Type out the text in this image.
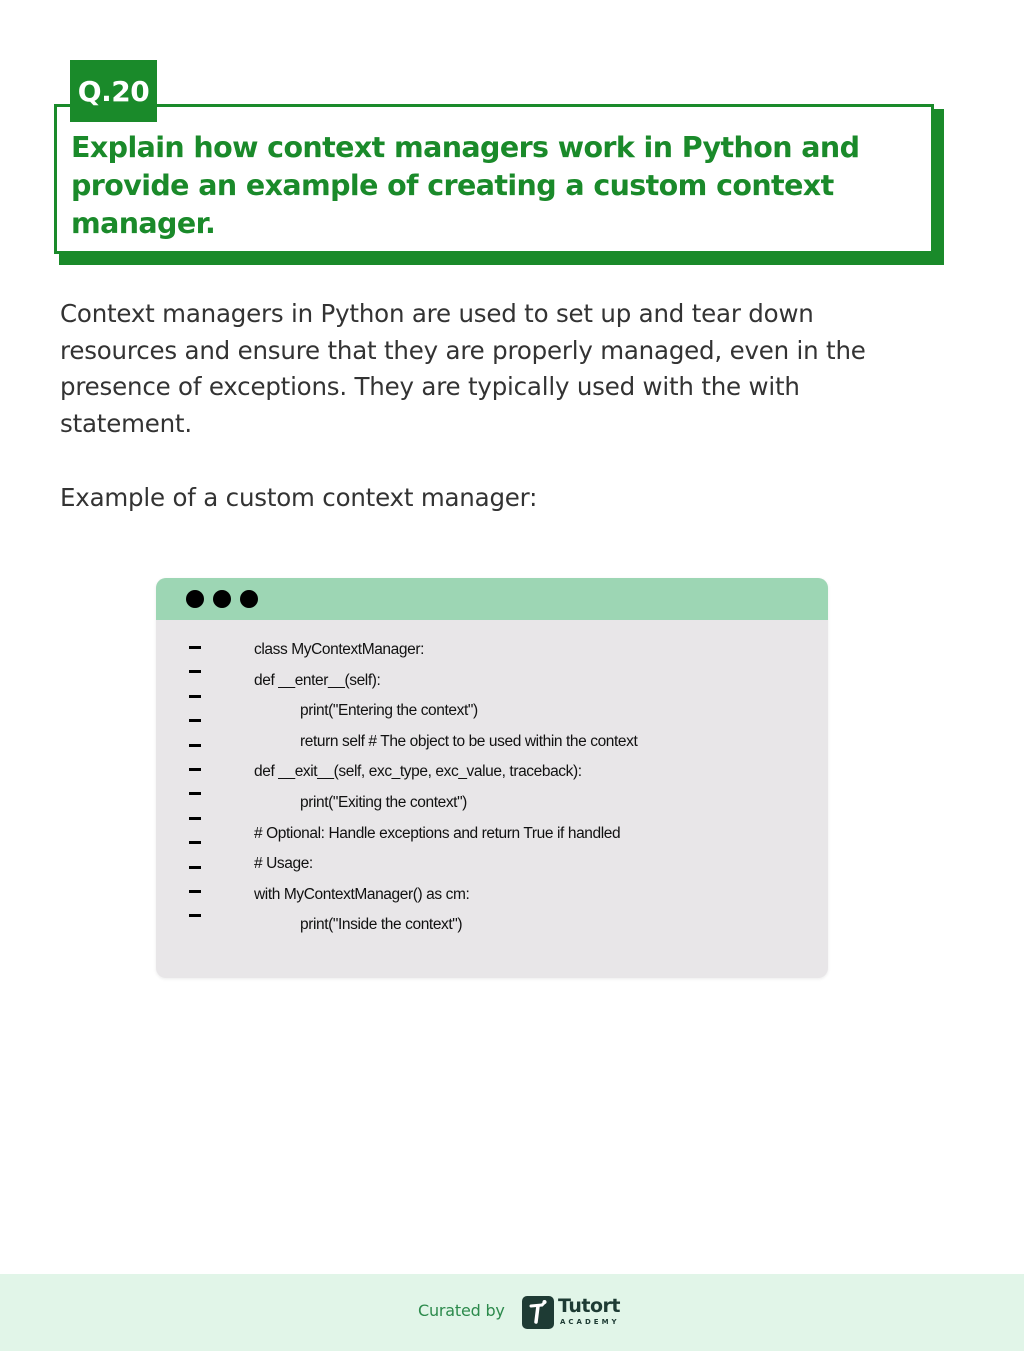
Explain how context managers work in Python and
provide an example of creating a custom context
manager.

Q.20

Context managers in Python are used to set up and tear down
resources and ensure that they are properly managed, even in the
presence of exceptions. They are typically used with the with
statement.

Example of a custom context manager:

class MyContextManager:
def __enter__(self):
print("Entering the context")
return self # The object to be used within the context
def __exit__(self, exc_type, exc_value, traceback):
print("Exiting the context")
# Optional: Handle exceptions and return True if handled
# Usage:
with MyContextManager() as cm:
print("Inside the context")
Curated by	Tutort
ACADEMY
